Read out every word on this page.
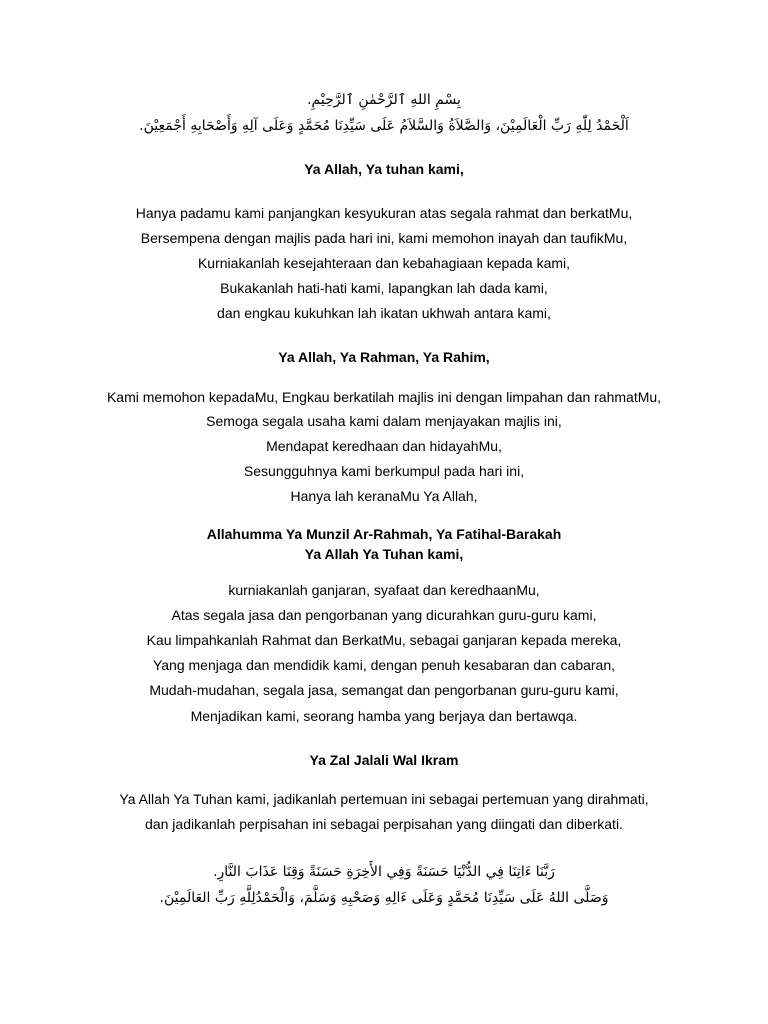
بِسْمِ اللهِ ٱلرَّحْمٰنِ ٱلرَّحِيْمِ.
اَلْحَمْدُ لِلّٰهِ رَبِّ الْعَالَمِيْنَ، وَالصَّلاَةُ وَالسَّلاَمُ عَلَى سَيِّدِنَا مُحَمَّدٍ وَعَلَى آلِهِ وَأَصْحَابِهِ أَجْمَعِيْنَ.
Ya Allah, Ya tuhan kami,
Hanya padamu kami panjangkan kesyukuran atas segala rahmat dan berkatMu,
Bersempena dengan majlis pada hari ini, kami memohon inayah dan taufikMu,
Kurniakanlah kesejahteraan dan kebahagiaan kepada kami,
Bukakanlah hati-hati kami, lapangkan lah dada kami,
dan engkau kukuhkan lah ikatan ukhwah antara kami,
Ya Allah, Ya Rahman, Ya Rahim,
Kami memohon kepadaMu, Engkau berkatilah majlis ini dengan limpahan dan rahmatMu,
Semoga segala usaha kami dalam menjayakan majlis ini,
Mendapat keredhaan dan hidayahMu,
Sesungguhnya kami berkumpul pada hari ini,
Hanya lah keranaMu Ya Allah,
Allahumma Ya Munzil Ar-Rahmah, Ya Fatihal-Barakah
Ya Allah Ya Tuhan kami,
kurniakanlah ganjaran, syafaat dan keredhaanMu,
Atas segala jasa dan pengorbanan yang dicurahkan guru-guru kami,
Kau limpahkanlah Rahmat dan BerkatMu, sebagai ganjaran kepada mereka,
Yang menjaga dan mendidik kami, dengan penuh kesabaran dan cabaran,
Mudah-mudahan, segala jasa, semangat dan pengorbanan guru-guru kami,
Menjadikan kami, seorang hamba yang berjaya dan bertawqa.
Ya Zal Jalali Wal Ikram
Ya Allah Ya Tuhan kami, jadikanlah pertemuan ini sebagai pertemuan yang dirahmati,
dan jadikanlah perpisahan ini sebagai perpisahan yang diingati dan diberkati.
رَبَّنَا ءَاتِنَا فِي الدُّنْيَا حَسَنَةً وَفِي الأَخِرَةِ حَسَنَةً وَقِنَا عَذَابَ النَّارِ.
وَصَلَّى اللهُ عَلَى سَيِّدِنَا مُحَمَّدٍ وَعَلَى ءَالِهِ وَصَحْبِهِ وَسَلَّمَ، وَالْحَمْدُلِلَّهِ رَبِّ العَالَمِيْنَ.
